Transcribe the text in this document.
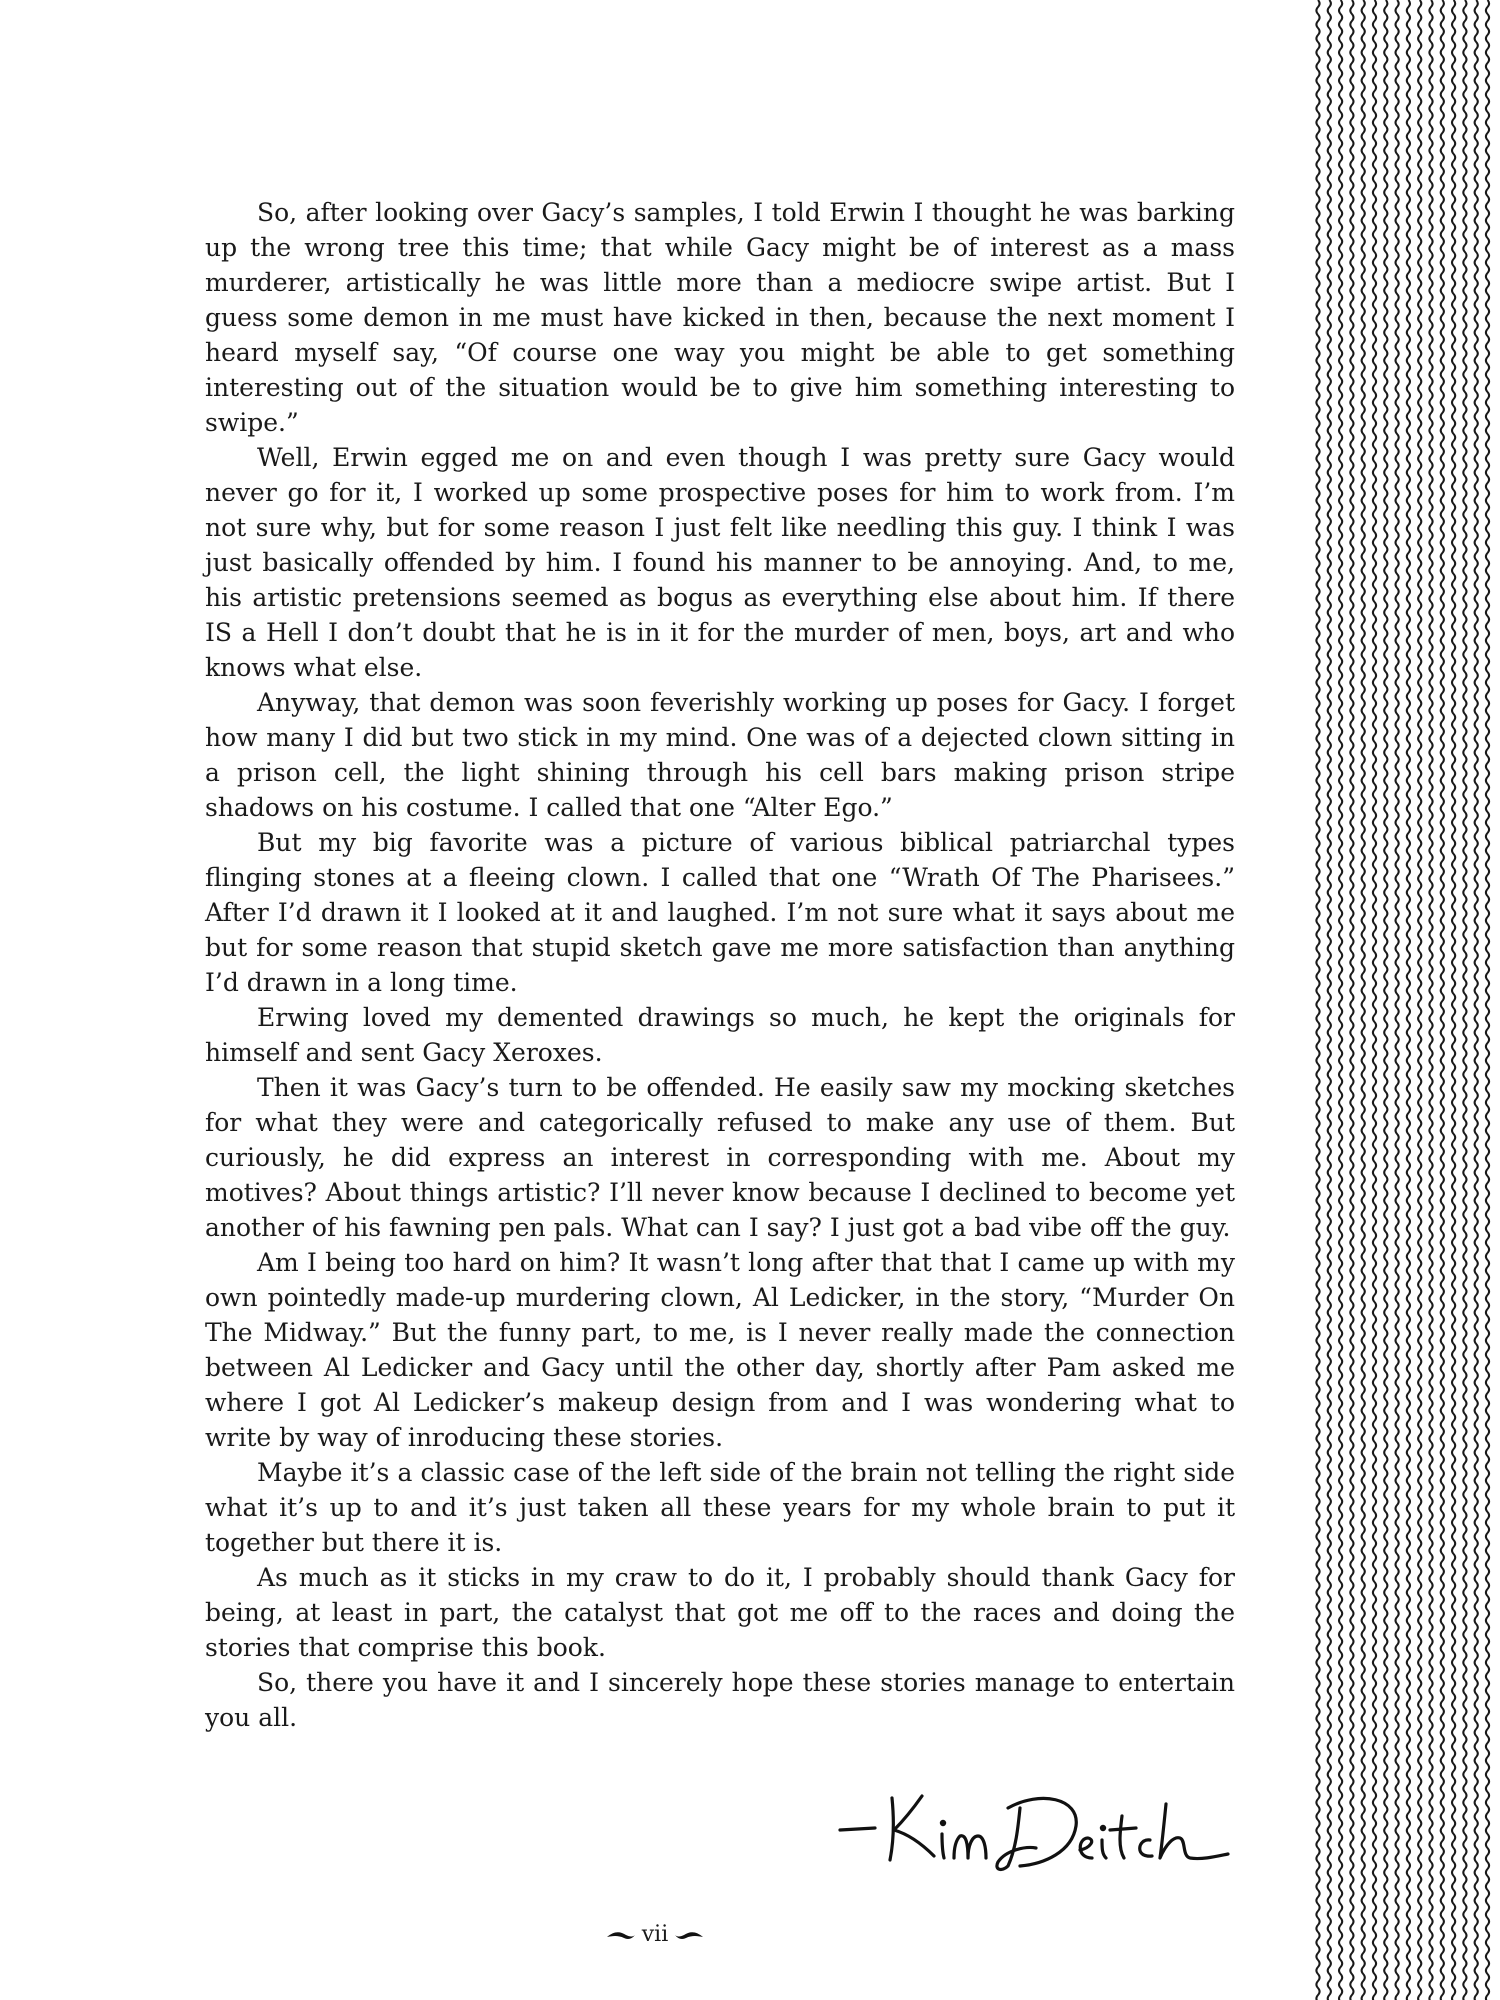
So, after looking over Gacy’s samples, I told Erwin I thought he was barking up the wrong tree this time; that while Gacy might be of interest as a mass murderer, artistically he was little more than a mediocre swipe artist. But I guess some demon in me must have kicked in then, because the next moment I heard myself say, “Of course one way you might be able to get something interesting out of the situation would be to give him something interesting to swipe.”

Well, Erwin egged me on and even though I was pretty sure Gacy would never go for it, I worked up some prospective poses for him to work from. I’m not sure why, but for some reason I just felt like needling this guy. I think I was just basically offended by him. I found his manner to be annoying. And, to me, his artistic pretensions seemed as bogus as everything else about him. If there IS a Hell I don’t doubt that he is in it for the murder of men, boys, art and who knows what else.

Anyway, that demon was soon feverishly working up poses for Gacy. I forget how many I did but two stick in my mind. One was of a dejected clown sitting in a prison cell, the light shining through his cell bars making prison stripe shadows on his costume. I called that one “Alter Ego.”

But my big favorite was a picture of various biblical patriarchal types flinging stones at a fleeing clown. I called that one “Wrath Of The Pharisees.” After I’d drawn it I looked at it and laughed. I’m not sure what it says about me but for some reason that stupid sketch gave me more satisfaction than anything I’d drawn in a long time.

Erwing loved my demented drawings so much, he kept the originals for himself and sent Gacy Xeroxes.

Then it was Gacy’s turn to be offended. He easily saw my mocking sketches for what they were and categorically refused to make any use of them. But curiously, he did express an interest in corresponding with me. About my motives? About things artistic? I’ll never know because I declined to become yet another of his fawning pen pals. What can I say? I just got a bad vibe off the guy.

Am I being too hard on him? It wasn’t long after that that I came up with my own pointedly made-up murdering clown, Al Ledicker, in the story, “Murder On The Midway.” But the funny part, to me, is I never really made the connection between Al Ledicker and Gacy until the other day, shortly after Pam asked me where I got Al Ledicker’s makeup design from and I was wondering what to write by way of inroducing these stories.

Maybe it’s a classic case of the left side of the brain not telling the right side what it’s up to and it’s just taken all these years for my whole brain to put it together but there it is.

As much as it sticks in my craw to do it, I probably should thank Gacy for being, at least in part, the catalyst that got me off to the races and doing the stories that comprise this book.

So, there you have it and I sincerely hope these stories manage to entertain you all.

vii
